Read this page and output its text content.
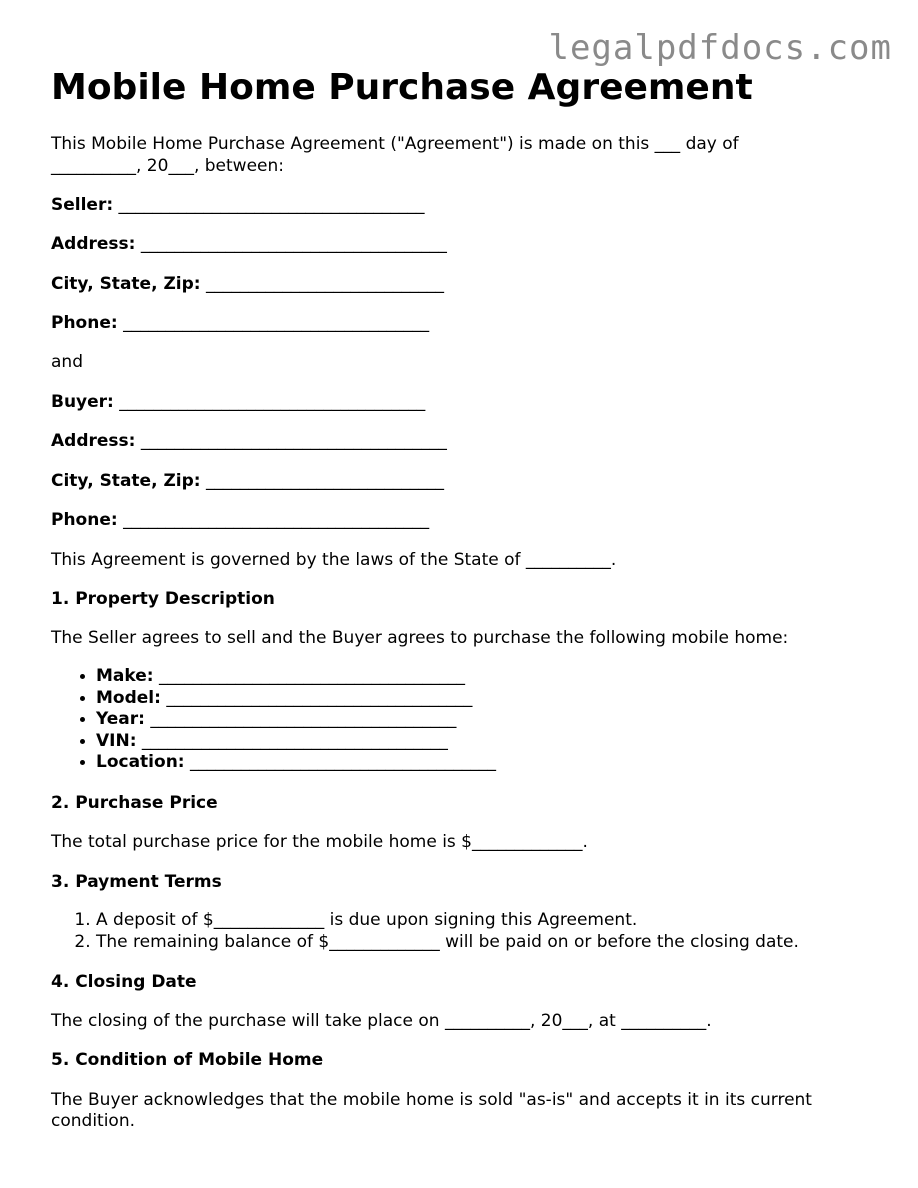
legalpdfdocs.com

Mobile Home Purchase Agreement

This Mobile Home Purchase Agreement ("Agreement") is made on this ___ day of

__________, 20___, between:

Seller: ____________________________________

Address: ____________________________________

City, State, Zip: ____________________________

Phone: ____________________________________

and

Buyer: ____________________________________

Address: ____________________________________

City, State, Zip: ____________________________

Phone: ____________________________________

This Agreement is governed by the laws of the State of __________.

1. Property Description

The Seller agrees to sell and the Buyer agrees to purchase the following mobile home:

• Make: ____________________________________
• Model: ____________________________________
• Year: ____________________________________
• VIN: ____________________________________
• Location: ____________________________________

2. Purchase Price

The total purchase price for the mobile home is $_____________.

3. Payment Terms

1. A deposit of $_____________ is due upon signing this Agreement.
2. The remaining balance of $_____________ will be paid on or before the closing date.

4. Closing Date

The closing of the purchase will take place on __________, 20___, at __________.

5. Condition of Mobile Home

The Buyer acknowledges that the mobile home is sold "as-is" and accepts it in its current

condition.
